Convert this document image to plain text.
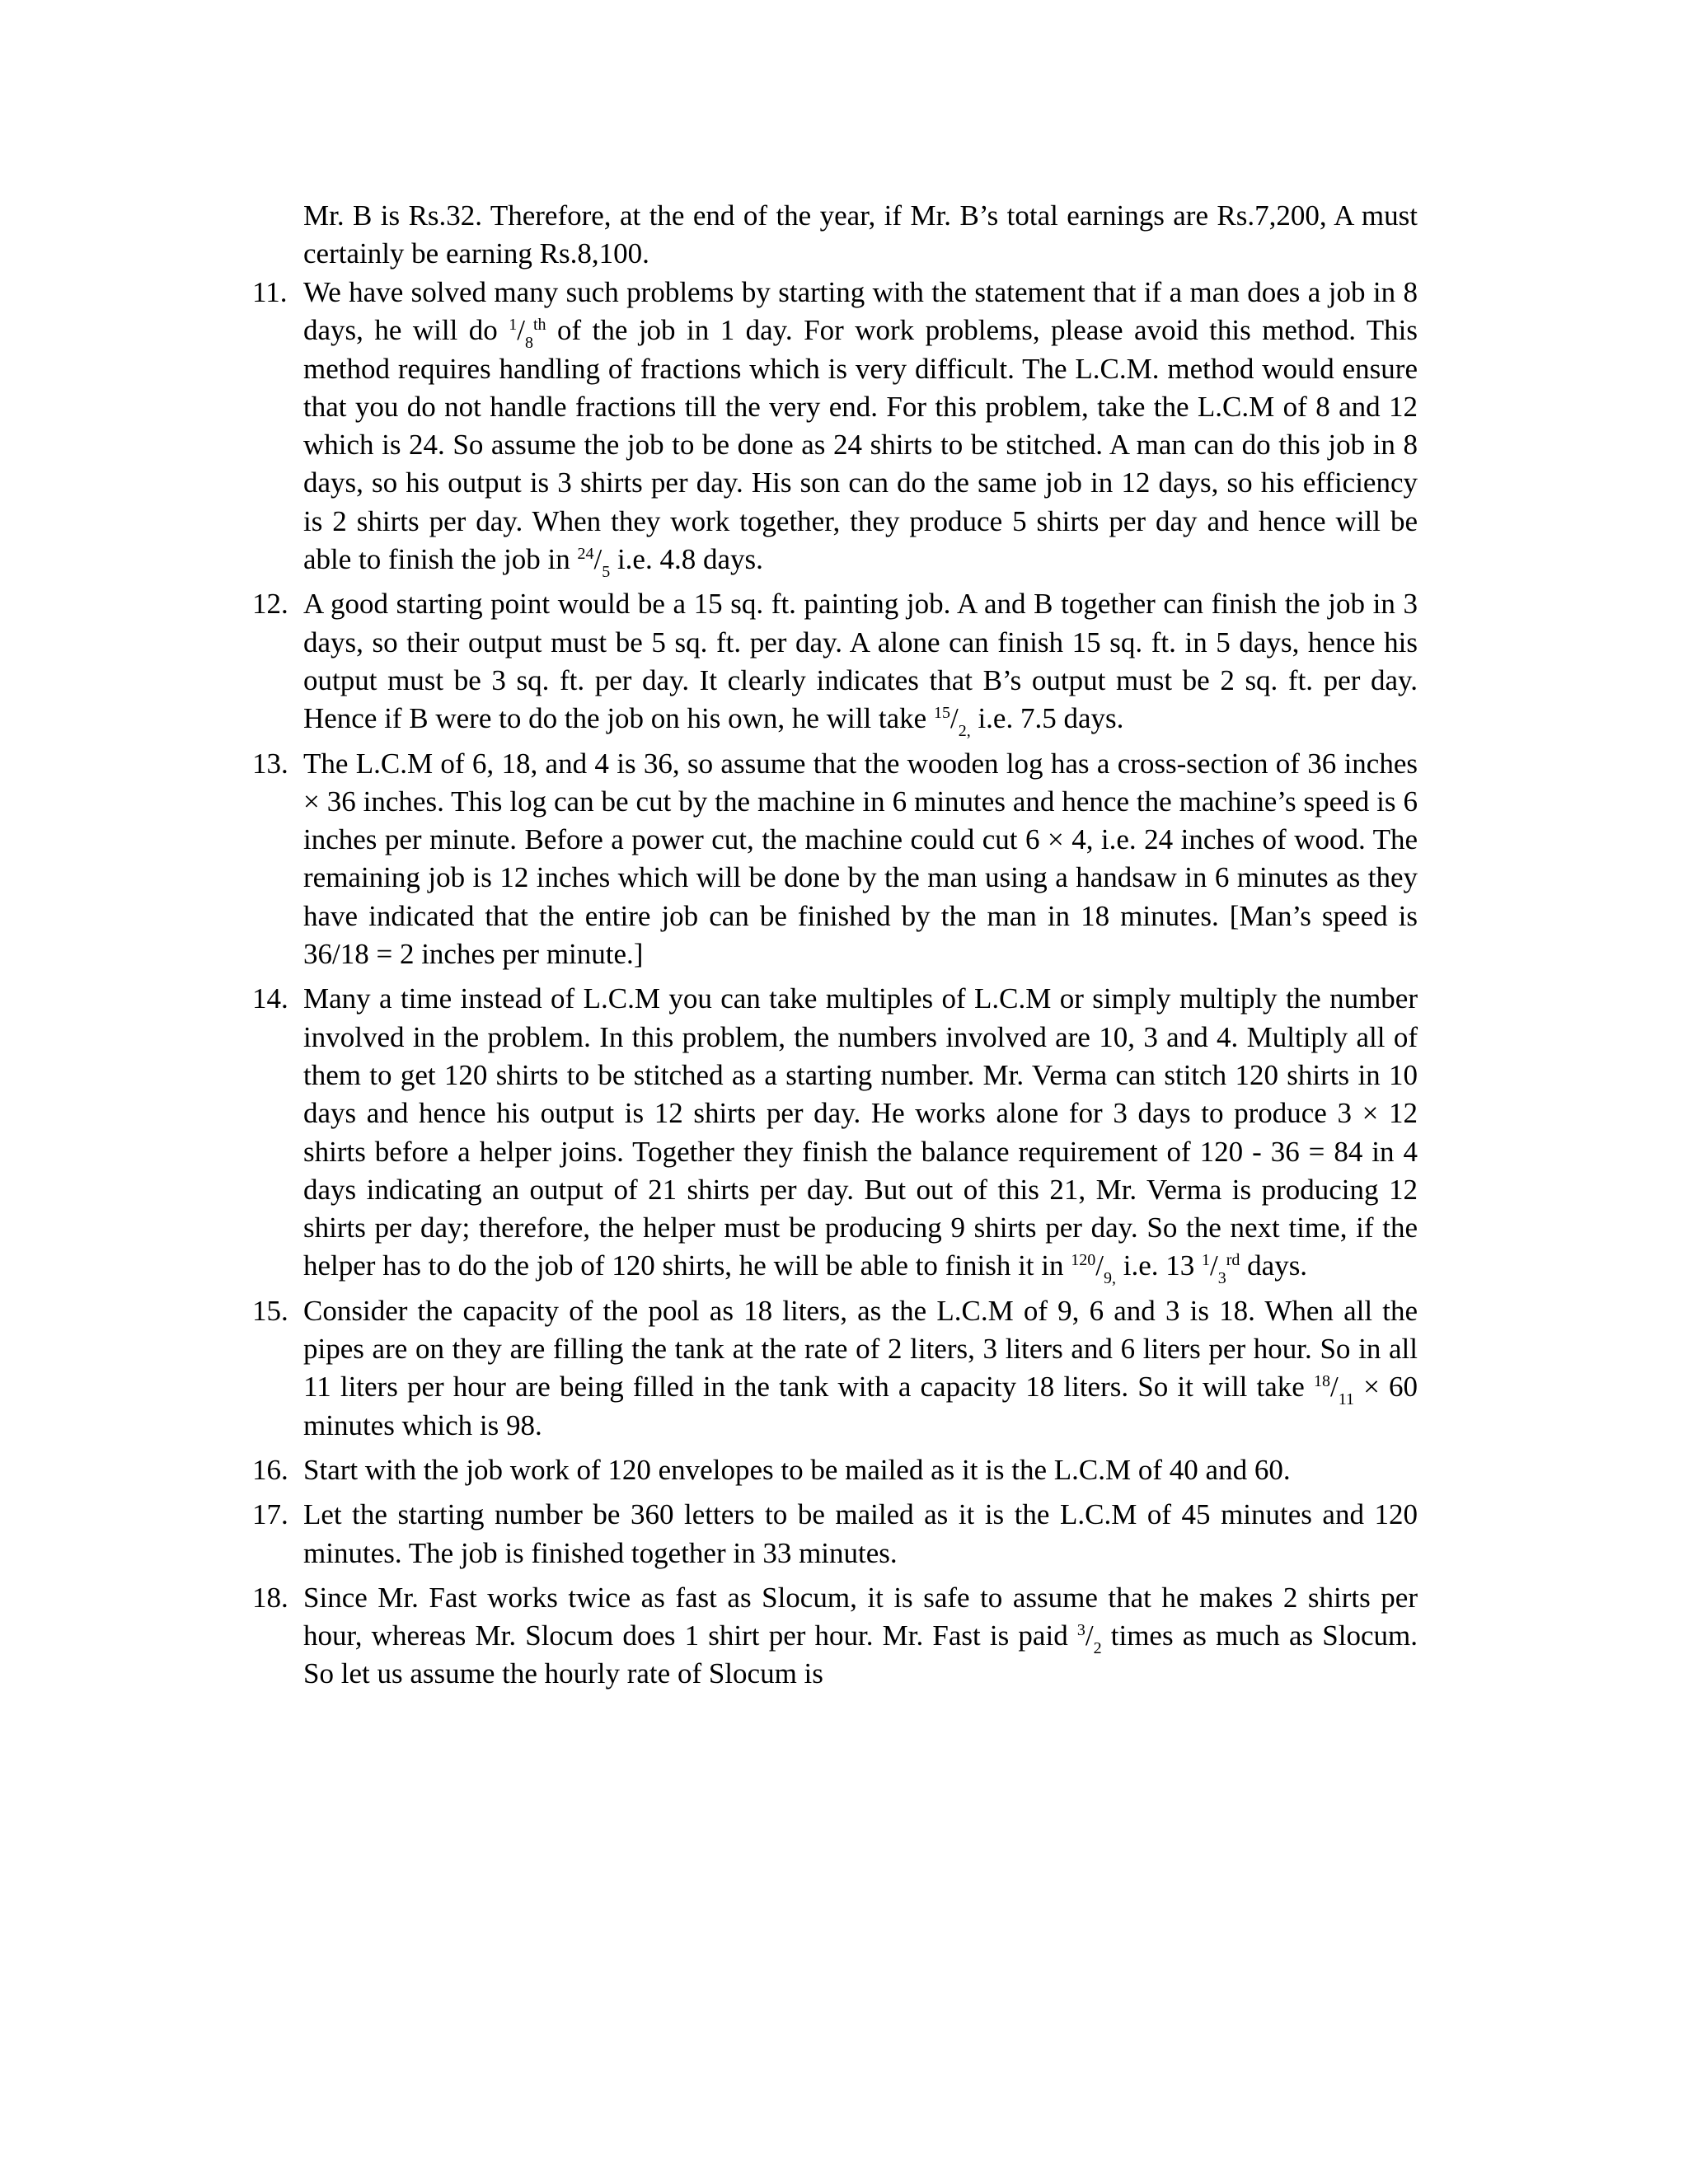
Mr. B is Rs.32. Therefore, at the end of the year, if Mr. B’s total earnings are Rs.7,200, A must certainly be earning Rs.8,100.
11. We have solved many such problems by starting with the statement that if a man does a job in 8 days, he will do $^1/_8^{th}$ of the job in 1 day. For work problems, please avoid this method. This method requires handling of fractions which is very difficult. The L.C.M. method would ensure that you do not handle fractions till the very end. For this problem, take the L.C.M of 8 and 12 which is 24. So assume the job to be done as 24 shirts to be stitched. A man can do this job in 8 days, so his output is 3 shirts per day. His son can do the same job in 12 days, so his efficiency is 2 shirts per day. When they work together, they produce 5 shirts per day and hence will be able to finish the job in $^{24}/_5$ i.e. 4.8 days.
12. A good starting point would be a 15 sq. ft. painting job. A and B together can finish the job in 3 days, so their output must be 5 sq. ft. per day. A alone can finish 15 sq. ft. in 5 days, hence his output must be 3 sq. ft. per day. It clearly indicates that B’s output must be 2 sq. ft. per day. Hence if B were to do the job on his own, he will take $^{15}/_{2,}$ i.e. 7.5 days.
13. The L.C.M of 6, 18, and 4 is 36, so assume that the wooden log has a cross-section of 36 inches × 36 inches. This log can be cut by the machine in 6 minutes and hence the machine’s speed is 6 inches per minute. Before a power cut, the machine could cut 6 × 4, i.e. 24 inches of wood. The remaining job is 12 inches which will be done by the man using a handsaw in 6 minutes as they have indicated that the entire job can be finished by the man in 18 minutes. [Man’s speed is 36/18 = 2 inches per minute.]
14. Many a time instead of L.C.M you can take multiples of L.C.M or simply multiply the number involved in the problem. In this problem, the numbers involved are 10, 3 and 4. Multiply all of them to get 120 shirts to be stitched as a starting number. Mr. Verma can stitch 120 shirts in 10 days and hence his output is 12 shirts per day. He works alone for 3 days to produce 3 × 12 shirts before a helper joins. Together they finish the balance requirement of 120 - 36 = 84 in 4 days indicating an output of 21 shirts per day. But out of this 21, Mr. Verma is producing 12 shirts per day; therefore, the helper must be producing 9 shirts per day. So the next time, if the helper has to do the job of 120 shirts, he will be able to finish it in $^{120}/_{9,}$ i.e. 13 $^1/_3^{rd}$ days.
15. Consider the capacity of the pool as 18 liters, as the L.C.M of 9, 6 and 3 is 18. When all the pipes are on they are filling the tank at the rate of 2 liters, 3 liters and 6 liters per hour. So in all 11 liters per hour are being filled in the tank with a capacity 18 liters. So it will take $^{18}/_{11} \times 60$ minutes which is 98.
16. Start with the job work of 120 envelopes to be mailed as it is the L.C.M of 40 and 60.
17. Let the starting number be 360 letters to be mailed as it is the L.C.M of 45 minutes and 120 minutes. The job is finished together in 33 minutes.
18. Since Mr. Fast works twice as fast as Slocum, it is safe to assume that he makes 2 shirts per hour, whereas Mr. Slocum does 1 shirt per hour. Mr. Fast is paid $^3/_2$ times as much as Slocum. So let us assume the hourly rate of Slocum is
